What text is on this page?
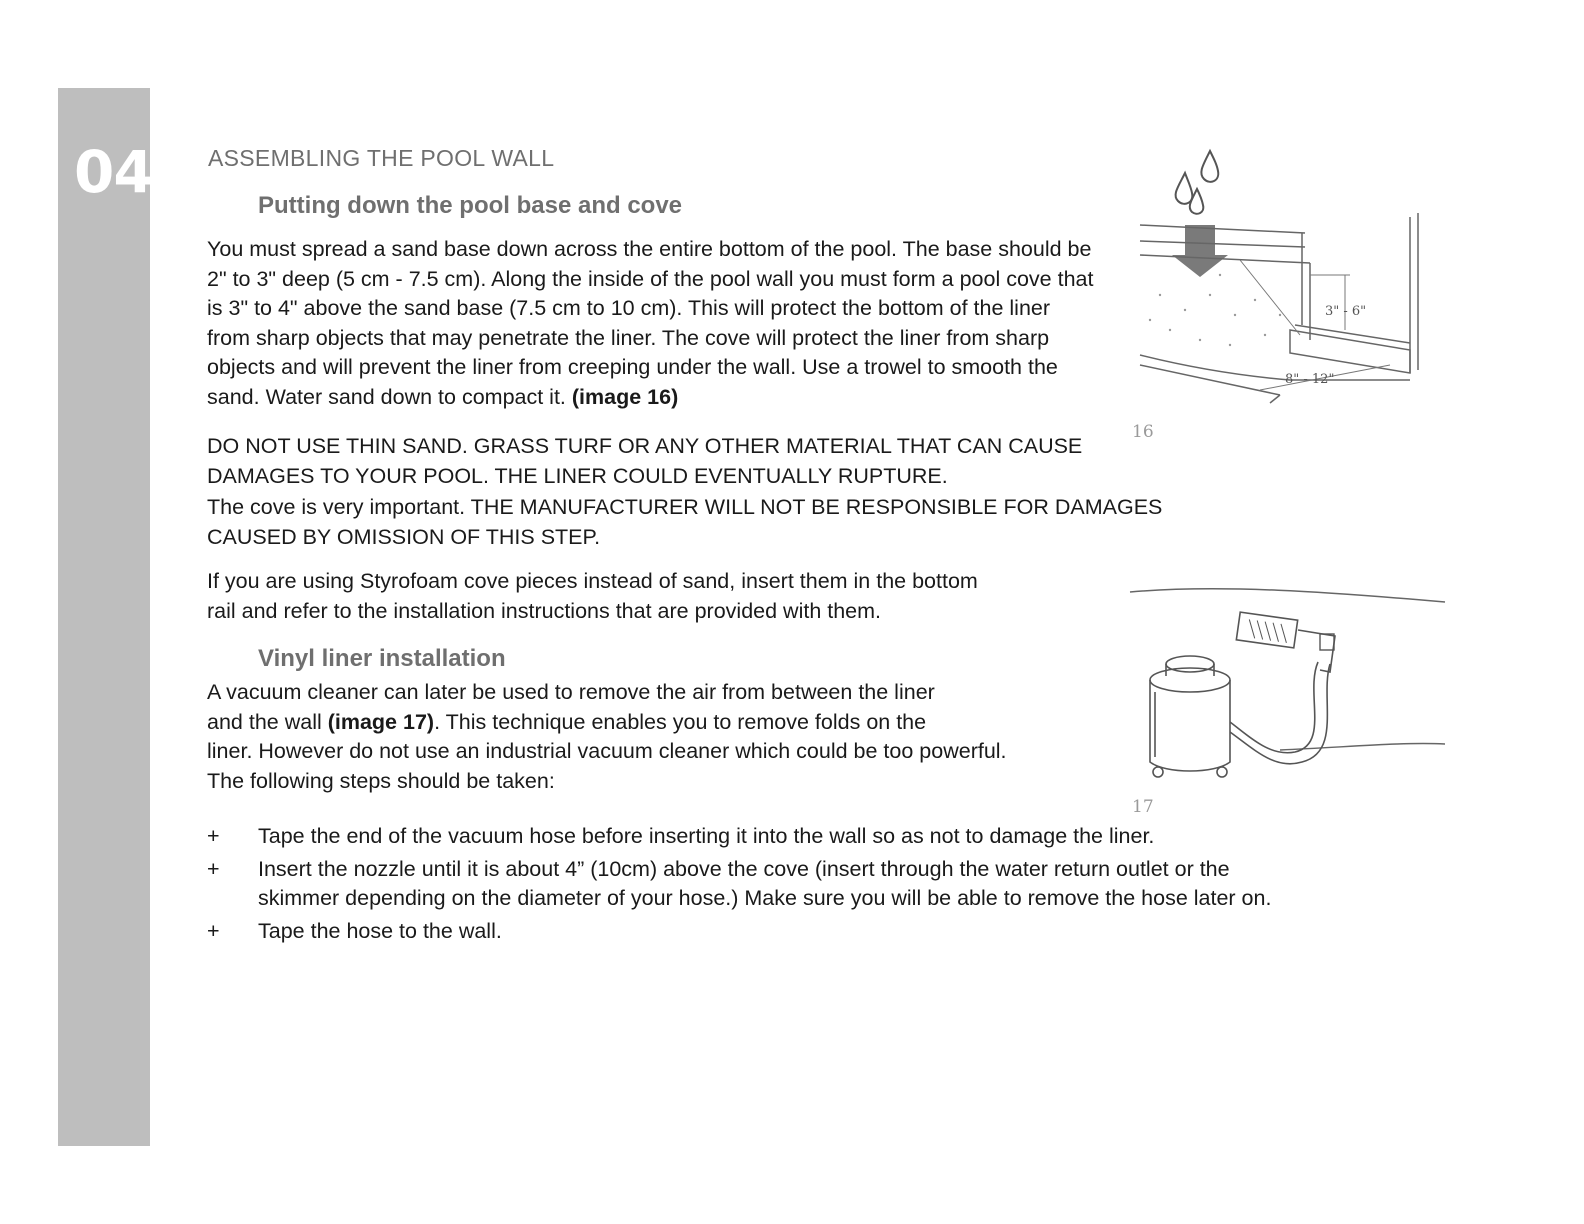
04 ASSEMBLING THE POOL WALL
Putting down the pool base and cove
You must spread a sand base down across the entire bottom of the pool. The base should be
2" to 3" deep (5 cm - 7.5 cm). Along the inside of the pool wall you must form a pool cove that
is 3" to 4" above the sand base (7.5 cm to 10 cm). This will protect the bottom of the liner
from sharp objects that may penetrate the liner. The cove will protect the liner from sharp
objects and will prevent the liner from creeping under the wall. Use a trowel to smooth the
sand. Water sand down to compact it. (image 16)
DO NOT USE THIN SAND. GRASS TURF OR ANY OTHER MATERIAL THAT CAN CAUSE
DAMAGES TO YOUR POOL. THE LINER COULD EVENTUALLY RUPTURE.
The cove is very important. THE MANUFACTURER WILL NOT BE RESPONSIBLE FOR DAMAGES
CAUSED BY OMISSION OF THIS STEP.
If you are using Styrofoam cove pieces instead of sand, insert them in the bottom
rail and refer to the installation instructions that are provided with them.
Vinyl liner installation
A vacuum cleaner can later be used to remove the air from between the liner
and the wall (image 17). This technique enables you to remove folds on the
liner. However do not use an industrial vacuum cleaner which could be too powerful.
The following steps should be taken:
+ Tape the end of the vacuum hose before inserting it into the wall so as not to damage the liner.
+ Insert the nozzle until it is about 4” (10cm) above the cove (insert through the water return outlet or the
skimmer depending on the diameter of your hose.) Make sure you will be able to remove the hose later on.
+ Tape the hose to the wall.
3" - 6"
8" - 12"
16
17
